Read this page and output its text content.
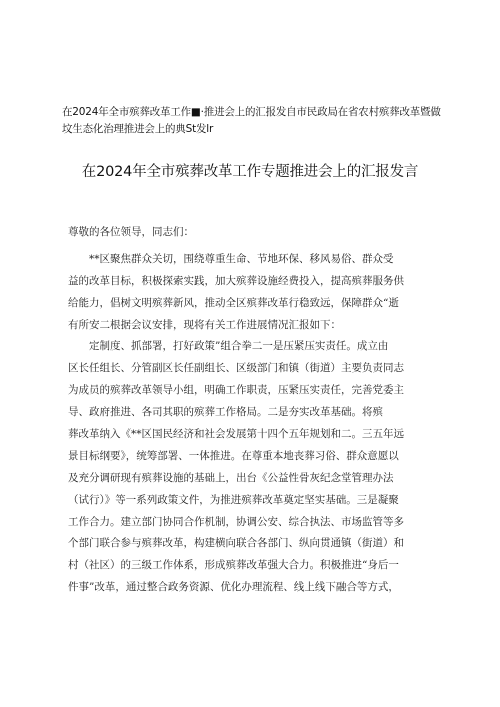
在2024年全市殡葬改革工作■·推进会上的汇报发自市民政局在省农村殡葬改革暨做
坟生态化治理推进会上的典St发lr
在2024年全市殡葬改革工作专题推进会上的汇报发言
尊敬的各位领导，同志们：
　　**区聚焦群众关切，围绕尊重生命、节地环保、移风易俗、群众受
益的改革目标，积极探索实践，加大殡葬设施经费投入，提高殡葬服务供
给能力，倡树文明殡葬新风，推动全区殡葬改革行稳致远，保障群众“逝
有所安二根据会议安排，现将有关工作进展情况汇报如下：
　　定制度、抓部署，打好政策”组合拳二一是压紧压实责任。成立由
区长任组长、分管副区长任副组长、区级部门和镇（街道）主要负责同志
为成员的殡葬改革领导小组，明确工作职责，压紧压实责任，完善党委主
导、政府推进、各司其职的殡葬工作格局。二是夯实改革基础。将殡
葬改革纳入《**区国民经济和社会发展第十四个五年规划和二。三五年远
景目标纲要》，统筹部署、一体推进。在尊重本地丧葬习俗、群众意愿以
及充分调研现有殡葬设施的基础上，出台《公益性骨灰纪念堂管理办法
（试行）》等一系列政策文件，为推进殡葬改革奠定坚实基础。三是凝聚
工作合力。建立部门协同合作机制，协调公安、综合执法、市场监管等多
个部门联合参与殡葬改革，构建横向联合各部门、纵向贯通镇（街道）和
村（社区）的三级工作体系，形成殡葬改革强大合力。积极推进“身后一
件事”改革，通过整合政务资源、优化办理流程、线上线下融合等方式，
